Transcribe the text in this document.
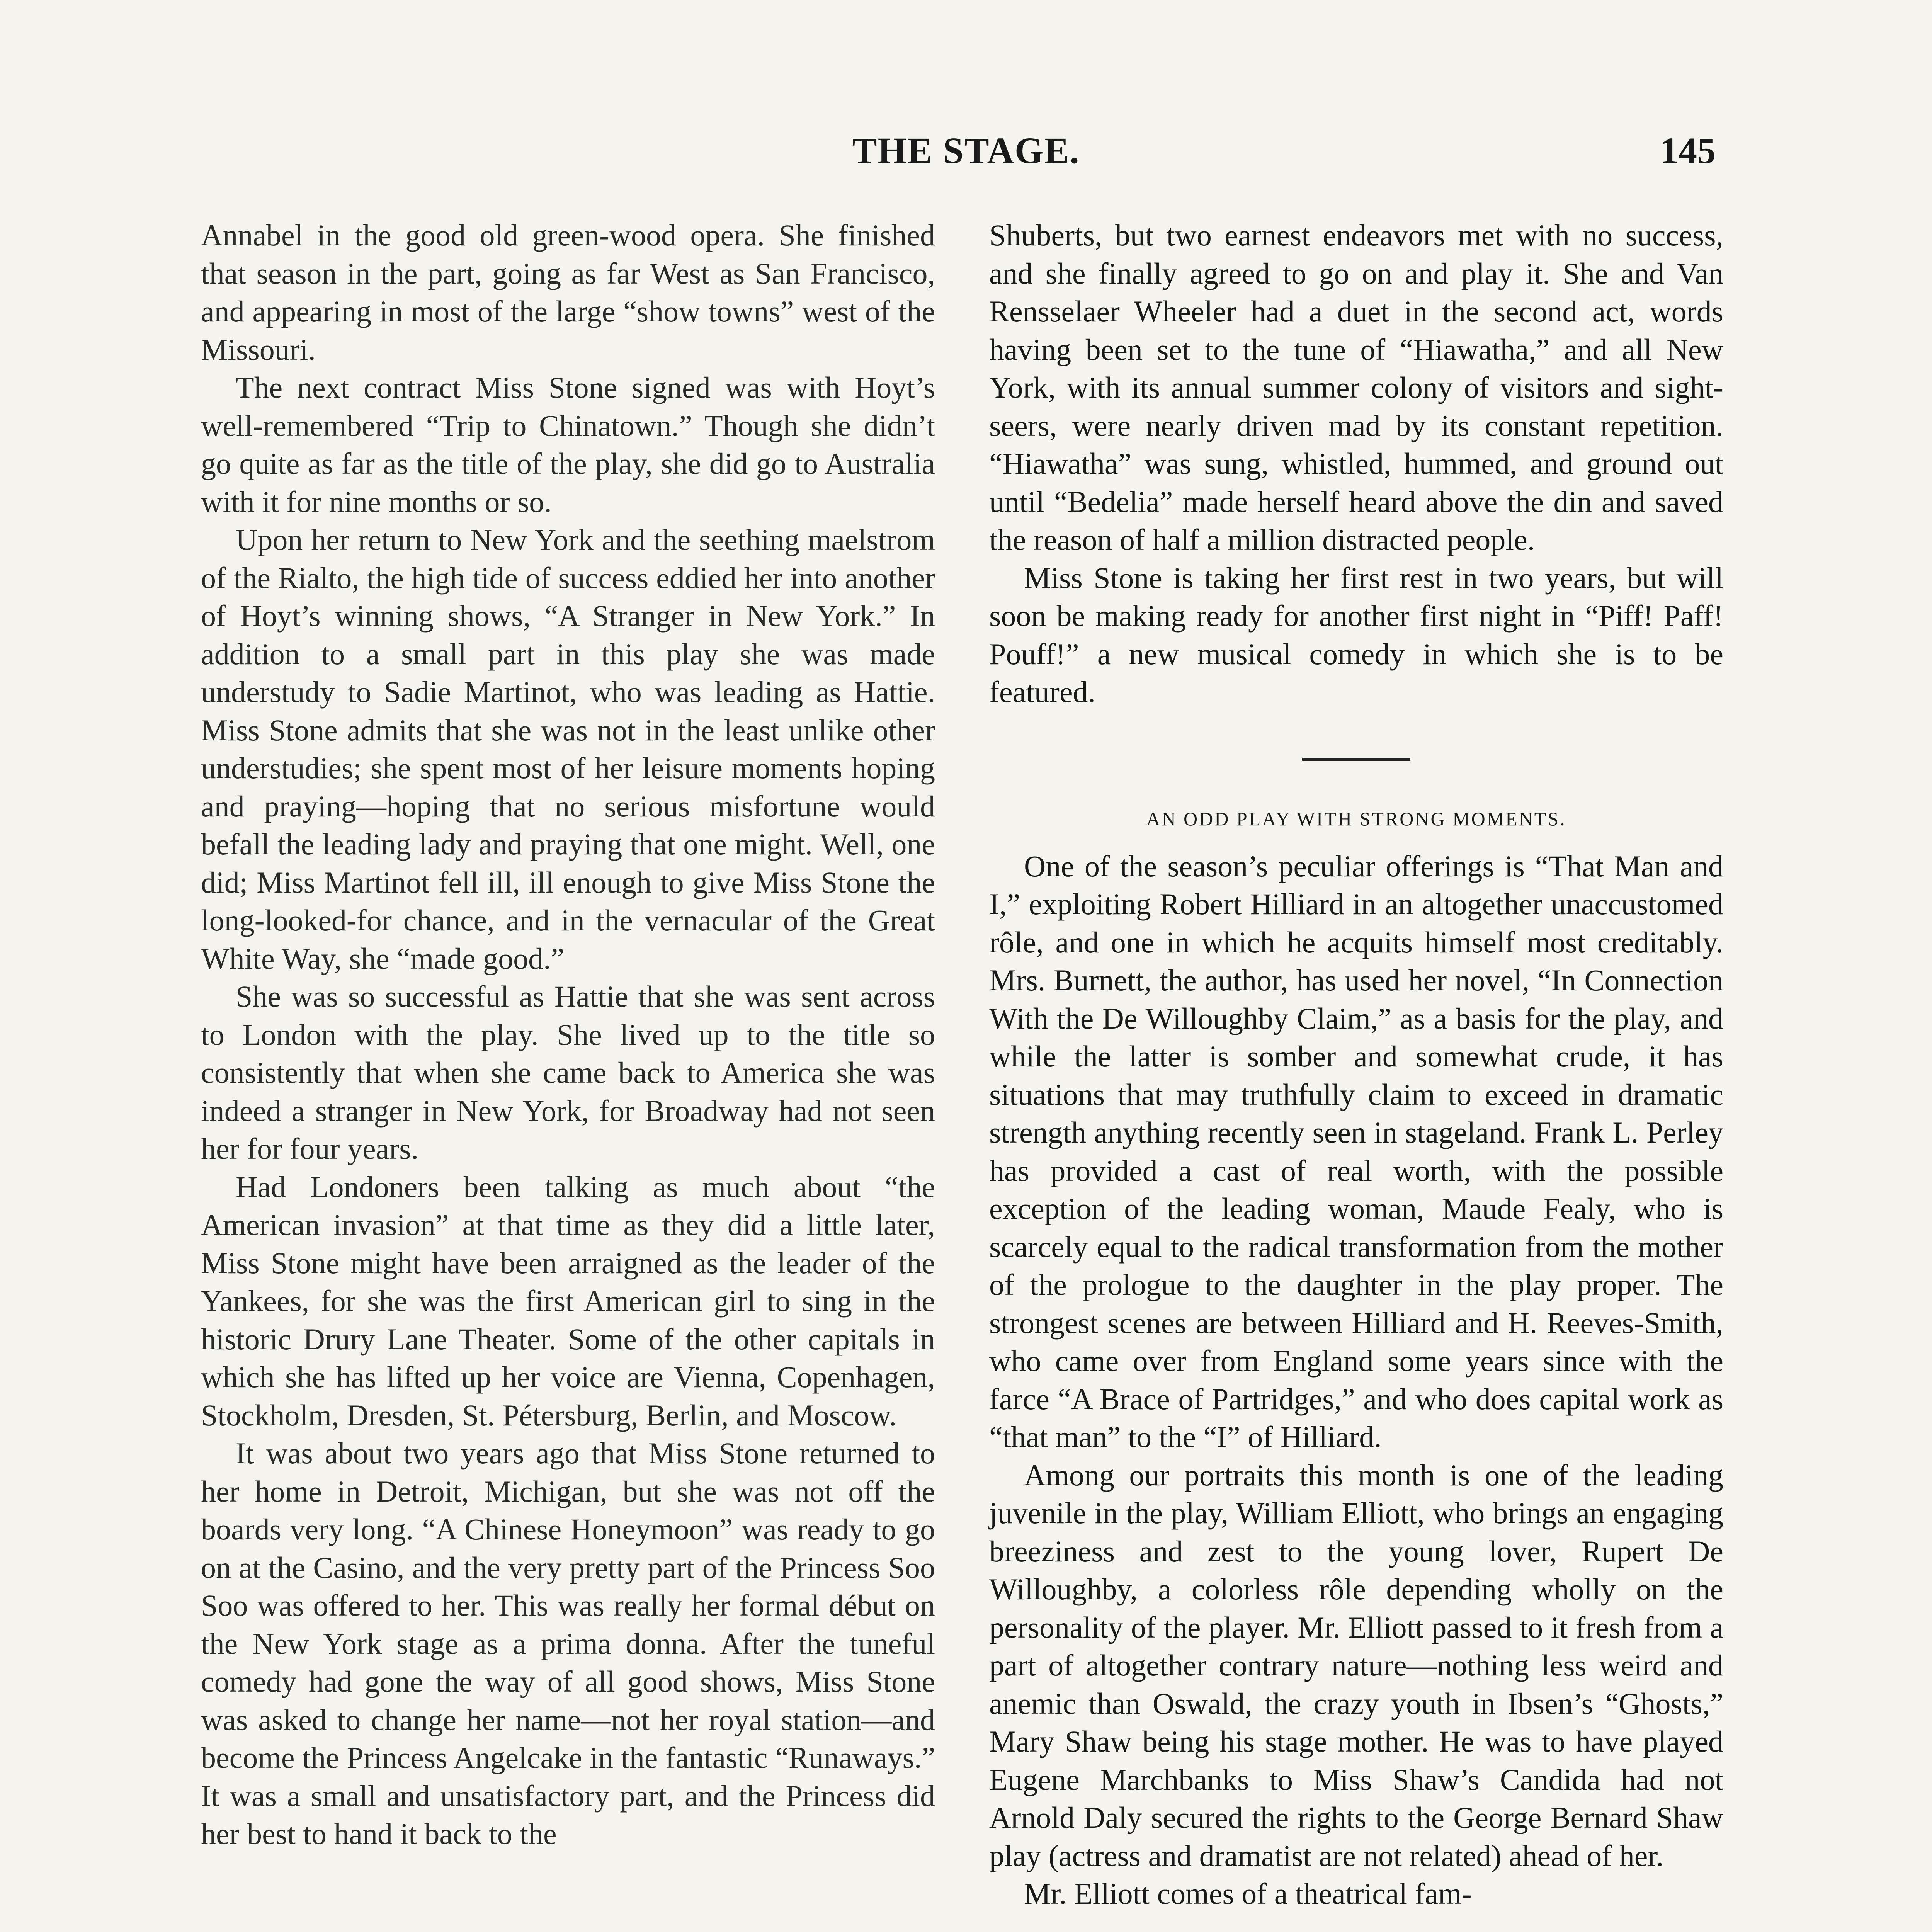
THE STAGE.	145

Annabel in the good old green-wood opera. She finished that season in the part, going as far West as San Francisco, and appearing in most of the large “show towns” west of the Missouri.

The next contract Miss Stone signed was with Hoyt’s well-remembered “Trip to Chinatown.” Though she didn’t go quite as far as the title of the play, she did go to Australia with it for nine months or so.

Upon her return to New York and the seething maelstrom of the Rialto, the high tide of success eddied her into another of Hoyt’s winning shows, “A Stranger in New York.” In addition to a small part in this play she was made understudy to Sadie Martinot, who was leading as Hattie. Miss Stone admits that she was not in the least unlike other understudies; she spent most of her leisure moments hoping and praying—hoping that no serious misfortune would befall the leading lady and praying that one might. Well, one did; Miss Martinot fell ill, ill enough to give Miss Stone the long-looked-for chance, and in the vernacular of the Great White Way, she “made good.”

She was so successful as Hattie that she was sent across to London with the play. She lived up to the title so consistently that when she came back to America she was indeed a stranger in New York, for Broadway had not seen her for four years.

Had Londoners been talking as much about “the American invasion” at that time as they did a little later, Miss Stone might have been arraigned as the leader of the Yankees, for she was the first American girl to sing in the historic Drury Lane Theater. Some of the other capitals in which she has lifted up her voice are Vienna, Copenhagen, Stockholm, Dresden, St. Pétersburg, Berlin, and Moscow.

It was about two years ago that Miss Stone returned to her home in Detroit, Michigan, but she was not off the boards very long. “A Chinese Honeymoon” was ready to go on at the Casino, and the very pretty part of the Princess Soo Soo was offered to her. This was really her formal début on the New York stage as a prima donna. After the tuneful comedy had gone the way of all good shows, Miss Stone was asked to change her name—not her royal station—and become the Princess Angelcake in the fantastic “Runaways.” It was a small and unsatisfactory part, and the Princess did her best to hand it back to the

Shuberts, but two earnest endeavors met with no success, and she finally agreed to go on and play it. She and Van Rensselaer Wheeler had a duet in the second act, words having been set to the tune of “Hiawatha,” and all New York, with its annual summer colony of visitors and sight-seers, were nearly driven mad by its constant repetition. “Hiawatha” was sung, whistled, hummed, and ground out until “Bedelia” made herself heard above the din and saved the reason of half a million distracted people.

Miss Stone is taking her first rest in two years, but will soon be making ready for another first night in “Piff! Paff! Pouff!” a new musical comedy in which she is to be featured.

AN ODD PLAY WITH STRONG MOMENTS.

One of the season’s peculiar offerings is “That Man and I,” exploiting Robert Hilliard in an altogether unaccustomed rôle, and one in which he acquits himself most creditably. Mrs. Burnett, the author, has used her novel, “In Connection With the De Willoughby Claim,” as a basis for the play, and while the latter is somber and somewhat crude, it has situations that may truthfully claim to exceed in dramatic strength anything recently seen in stageland. Frank L. Perley has provided a cast of real worth, with the possible exception of the leading woman, Maude Fealy, who is scarcely equal to the radical transformation from the mother of the prologue to the daughter in the play proper. The strongest scenes are between Hilliard and H. Reeves-Smith, who came over from England some years since with the farce “A Brace of Partridges,” and who does capital work as “that man” to the “I” of Hilliard.

Among our portraits this month is one of the leading juvenile in the play, William Elliott, who brings an engaging breeziness and zest to the young lover, Rupert De Willoughby, a colorless rôle depending wholly on the personality of the player. Mr. Elliott passed to it fresh from a part of altogether contrary nature—nothing less weird and anemic than Oswald, the crazy youth in Ibsen’s “Ghosts,” Mary Shaw being his stage mother. He was to have played Eugene Marchbanks to Miss Shaw’s Candida had not Arnold Daly secured the rights to the George Bernard Shaw play (actress and dramatist are not related) ahead of her.

Mr. Elliott comes of a theatrical fam-
